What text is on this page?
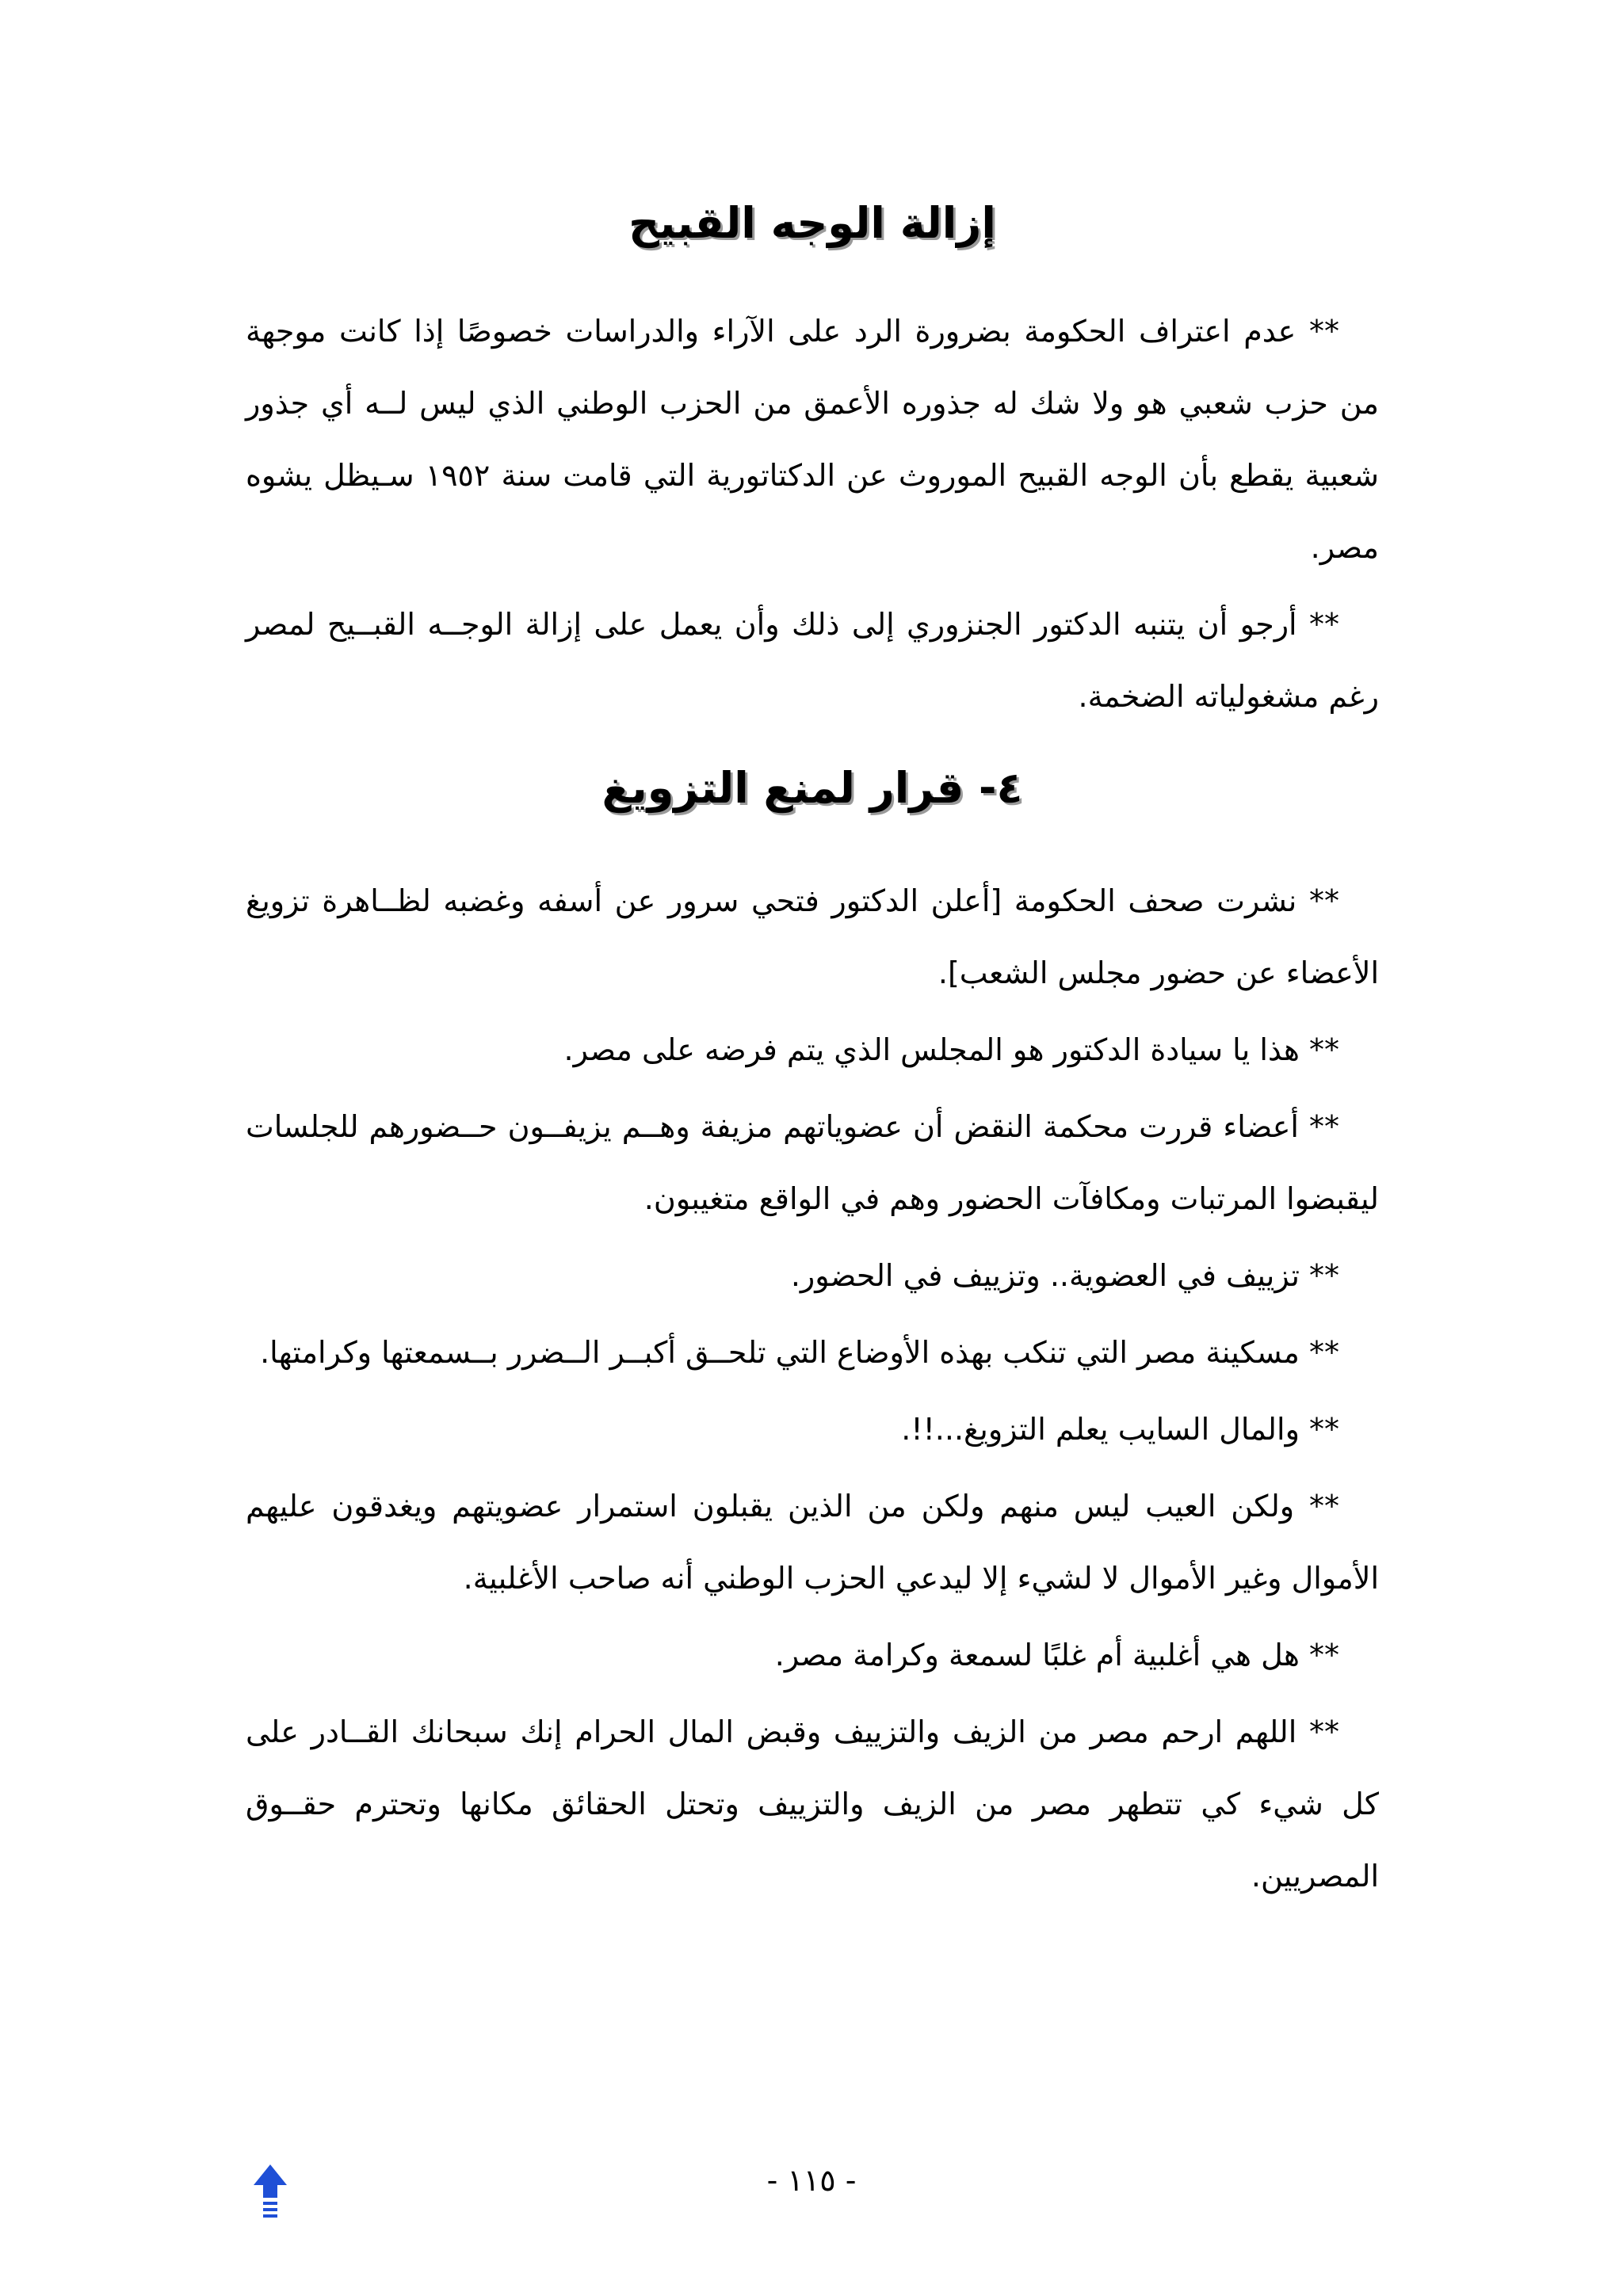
إزالة الوجه القبيح

** عدم اعتراف الحكومة بضرورة الرد على الآراء والدراسات خصوصًا إذا كانت موجهة من حزب شعبي هو ولا شك له جذوره الأعمق من الحزب الوطني الذي ليس لــه أي جذور شعبية يقطع بأن الوجه القبيح الموروث عن الدكتاتورية التي قامت سنة ١٩٥٢ سـيظل يشوه مصر.

** أرجو أن يتنبه الدكتور الجنزوري إلى ذلك وأن يعمل على إزالة الوجــه القبــيح لمصر رغم مشغولياته الضخمة.

٤- قرار لمنع التزويغ

** نشرت صحف الحكومة [أعلن الدكتور فتحي سرور عن أسفه وغضبه لظــاهرة تزويغ الأعضاء عن حضور مجلس الشعب].

** هذا يا سيادة الدكتور هو المجلس الذي يتم فرضه على مصر.

** أعضاء قررت محكمة النقض أن عضوياتهم مزيفة وهــم يزيفــون حــضورهم للجلسات ليقبضوا المرتبات ومكافآت الحضور وهم في الواقع متغيبون.

** تزييف في العضوية.. وتزييف في الحضور.

** مسكينة مصر التي تنكب بهذه الأوضاع التي تلحــق أكبــر الــضرر بــسمعتها وكرامتها.

** والمال السايب يعلم التزويغ...!!.

** ولكن العيب ليس منهم ولكن من الذين يقبلون استمرار عضويتهم ويغدقون عليهم الأموال وغير الأموال لا لشيء إلا ليدعي الحزب الوطني أنه صاحب الأغلبية.

** هل هي أغلبية أم غلبًا لسمعة وكرامة مصر.

** اللهم ارحم مصر من الزيف والتزييف وقبض المال الحرام إنك سبحانك القــادر على كل شيء كي تتطهر مصر من الزيف والتزييف وتحتل الحقائق مكانها وتحترم حقــوق المصريين.

- ١١٥ -
